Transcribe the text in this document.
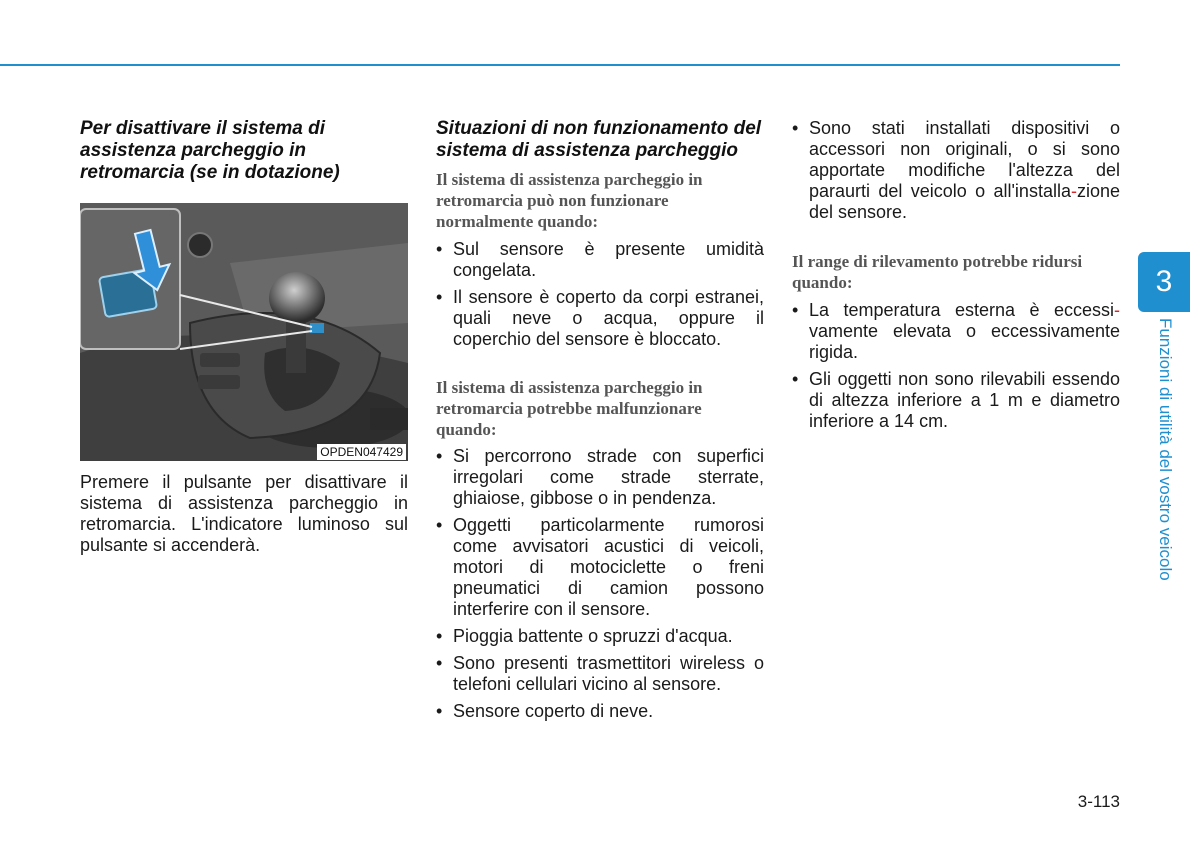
Per disattivare il sistema di assistenza parcheggio in retromarcia (se in dotazione)
OPDEN047429

Premere il pulsante per disattivare il sistema di assistenza parcheggio in retromarcia. L'indicatore luminoso sul pulsante si accenderà.

Situazioni di non funzionamento del sistema di assistenza parcheggio
Il sistema di assistenza parcheggio in retromarcia può non funzionare normalmente quando:
• Sul sensore è presente umidità congelata.
• Il sensore è coperto da corpi estranei, quali neve o acqua, oppure il coperchio del sensore è bloccato.
Il sistema di assistenza parcheggio in retromarcia potrebbe malfunzionare quando:
• Si percorrono strade con superfici irregolari come strade sterrate, ghiaiose, gibbose o in pendenza.
• Oggetti particolarmente rumorosi come avvisatori acustici di veicoli, motori di motociclette o freni pneumatici di camion possono interferire con il sensore.
• Pioggia battente o spruzzi d'acqua.
• Sono presenti trasmettitori wireless o telefoni cellulari vicino al sensore.
• Sensore coperto di neve.
• Sono stati installati dispositivi o accessori non originali, o si sono apportate modifiche l'altezza del paraurti del veicolo o all'installa-zione del sensore.
Il range di rilevamento potrebbe ridursi quando:
• La temperatura esterna è eccessi-vamente elevata o eccessivamente rigida.
• Gli oggetti non sono rilevabili essendo di altezza inferiore a 1 m e diametro inferiore a 14 cm.
3
Funzioni di utilità del vostro veicolo
3-113
